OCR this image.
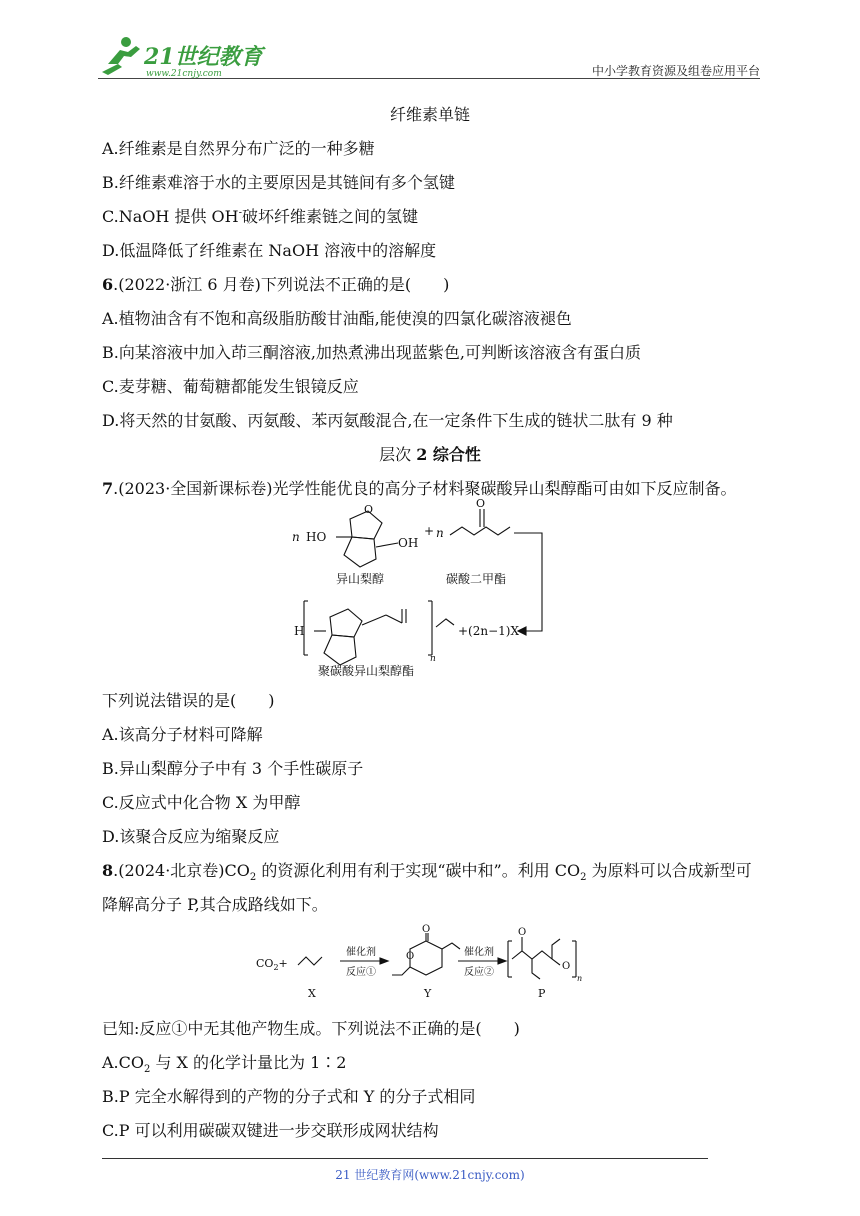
21世纪教育
www.21cnjy.com	中小学教育资源及组卷应用平台
纤维素单链
A.纤维素是自然界分布广泛的一种多糖
B.纤维素难溶于水的主要原因是其链间有多个氢键
C.NaOH 提供 OH-破坏纤维素链之间的氢键
D.低温降低了纤维素在 NaOH 溶液中的溶解度
6.(2022·浙江 6 月卷)下列说法不正确的是(　　)
A.植物油含有不饱和高级脂肪酸甘油酯,能使溴的四氯化碳溶液褪色
B.向某溶液中加入茚三酮溶液,加热煮沸出现蓝紫色,可判断该溶液含有蛋白质
C.麦芽糖、葡萄糖都能发生银镜反应
D.将天然的甘氨酸、丙氨酸、苯丙氨酸混合,在一定条件下生成的链状二肽有 9 种
层次 2 综合性
7.(2023·全国新课标卷)光学性能优良的高分子材料聚碳酸异山梨醇酯可由如下反应制备。
n HO	OH
+ n
O	O
异山梨醇	碳酸二甲酯
H
n
+(2n−1)X
聚碳酸异山梨醇酯
下列说法错误的是(　　)
A.该高分子材料可降解
B.异山梨醇分子中有 3 个手性碳原子
C.反应式中化合物 X 为甲醇
D.该聚合反应为缩聚反应
8.(2024·北京卷)$CO_2$ 的资源化利用有利于实现“碳中和”。利用 $CO_2$ 为原料可以合成新型可
降解高分子 P,其合成路线如下。
$CO_2+$
催化剂
反应①
催化剂
反应②
O
O
O
O
n
X	Y	P
已知:反应①中无其他产物生成。下列说法不正确的是(　　)
$A.CO_2$ 与 X 的化学计量比为 1∶2
B.P 完全水解得到的产物的分子式和 Y 的分子式相同
C.P 可以利用碳碳双键进一步交联形成网状结构
21 世纪教育网(www.21cnjy.com)
